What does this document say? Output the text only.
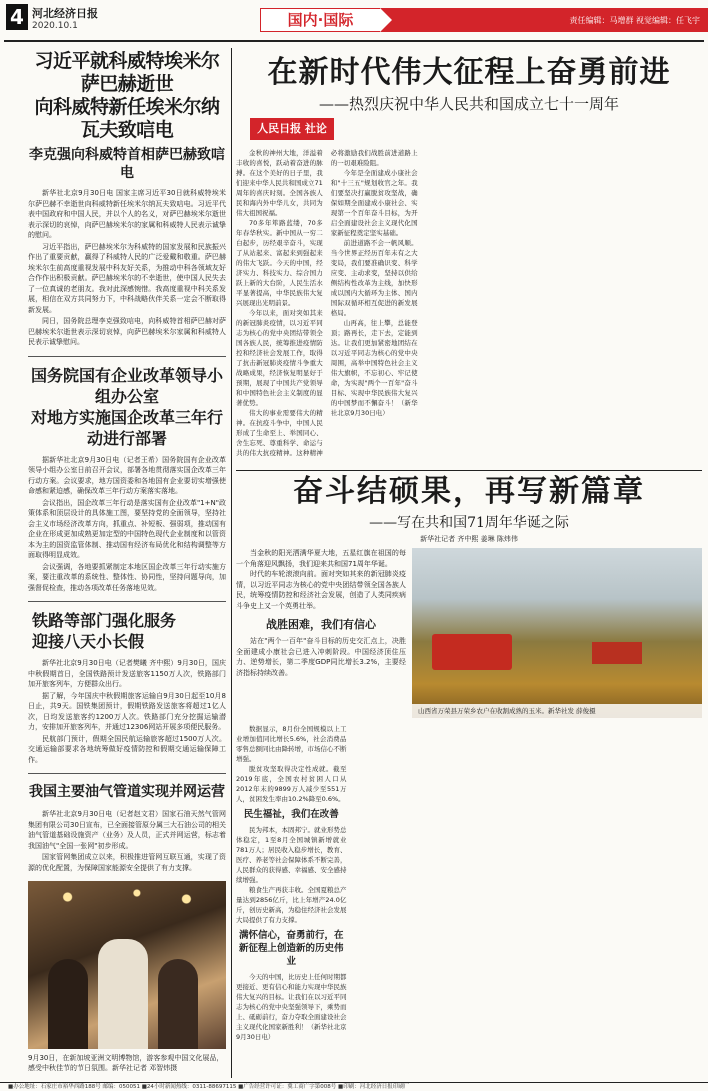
4 河北经济日报
2020.10.1	国内·国际	责任编辑：马增群 视觉编辑：任飞宇
习近平就科威特埃米尔萨巴赫逝世
向科威特新任埃米尔纳瓦夫致唁电
李克强向科威特首相萨巴赫致唁电

新华社北京9月30日电 国家主席习近平30日就科威特埃米尔萨巴赫不幸逝世向科威特新任埃米尔纳瓦夫致唁电。习近平代表中国政府和中国人民，并以个人的名义，对萨巴赫埃米尔逝世表示深切的哀悼，向萨巴赫埃米尔的家属和科威特人民表示诚挚的慰问。

习近平指出，萨巴赫埃米尔为科威特的国家发展和民族振兴作出了重要贡献，赢得了科威特人民的广泛爱戴和敬重。萨巴赫埃米尔生前高度重视发展中科友好关系，为推动中科各领域友好合作作出积极贡献。萨巴赫埃米尔的不幸逝世，使中国人民失去了一位真诚的老朋友。我对此深感惋惜。我高度重视中科关系发展，相信在双方共同努力下，中科战略伙伴关系一定会不断取得新发展。

同日，国务院总理李克强致唁电，向科威特首相萨巴赫对萨巴赫埃米尔逝世表示深切哀悼，向萨巴赫埃米尔家属和科威特人民表示诚挚慰问。

国务院国有企业改革领导小组办公室
对地方实施国企改革三年行动进行部署

据新华社北京9月30日电（记者王希）国务院国有企业改革领导小组办公室日前召开会议，部署各地贯彻落实国企改革三年行动方案。会议要求，地方国资委和各地国有企业要切实增强使命感和紧迫感，确保改革三年行动方案落实落地。

会议指出，国企改革三年行动是落实国有企业改革"1+N"政策体系和顶层设计的具体施工图，要坚持党的全面领导，坚持社会主义市场经济改革方向，抓重点、补短板、强弱项，推动国有企业在形成更加成熟更加定型的中国特色现代企业制度和以管资本为主的国资监管体制、推动国有经济布局优化和结构调整等方面取得明显成效。

会议强调，各地要抓紧制定本地区国企改革三年行动实施方案，要注重改革的系统性、整体性、协同性，坚持问题导向，加强督促检查，推动各项改革任务落地见效。

铁路等部门强化服务
迎接八天小长假

新华社北京9月30日电（记者樊曦 齐中熙）9月30日，国庆中秋假期首日，全国铁路预计发送旅客1150万人次，铁路部门加开旅客列车，方便群众出行。

据了解，今年国庆中秋假期旅客运输自9月30日起至10月8日止，共9天。国铁集团预计，假期铁路发送旅客将超过1亿人次，日均发送旅客约1200万人次。铁路部门充分挖掘运输潜力，安排加开旅客列车，并通过12306网站开展多项便民服务。

民航部门预计，假期全国民航运输旅客超过1500万人次。交通运输部要求各地统筹做好疫情防控和假期交通运输保障工作。

我国主要油气管道实现并网运营

新华社北京9月30日电（记者赵文君）国家石油天然气管网集团有限公司30日宣布，已全面接管原分属三大石油公司的相关油气管道基础设施资产（业务）及人员，正式并网运营，标志着我国油气"全国一张网"初步形成。

国家管网集团成立以来，积极推进管网互联互通，实现了资源的优化配置，为保障国家能源安全提供了有力支撑。

9月30日，在新加坡亚洲文明博物馆，游客参观中国文化展品，感受中秋佳节的节日氛围。新华社记者 邓智炜摄
在新时代伟大征程上奋勇前进
——热烈庆祝中华人民共和国成立七十一周年
人民日报 社论

金秋的神州大地，洋溢着丰收的喜悦，跃动着奋进的脉搏。在这个美好的日子里，我们迎来中华人民共和国成立71周年的喜庆时刻。全国各族人民和海内外中华儿女，共同为伟大祖国祝福。

70多年筚路蓝缕，70多年春华秋实。新中国从一穷二白起步，历经艰辛奋斗，实现了从站起来、富起来到强起来的伟大飞跃。今天的中国，经济实力、科技实力、综合国力跃上新的大台阶，人民生活水平显著提高，中华民族伟大复兴展现出光明前景。

今年以来，面对突如其来的新冠肺炎疫情，以习近平同志为核心的党中央团结带领全国各族人民，统筹推进疫情防控和经济社会发展工作，取得了抗击新冠肺炎疫情斗争重大战略成果，经济恢复明显好于预期，展现了中国共产党领导和中国特色社会主义制度的显著优势。

伟大的事业需要伟大的精神。在抗疫斗争中，中国人民形成了生命至上、举国同心、舍生忘死、尊重科学、命运与共的伟大抗疫精神。这种精神必将激励我们战胜前进道路上的一切艰难险阻。

今年是全面建成小康社会和"十三五"规划收官之年。我们要坚决打赢脱贫攻坚战，确保如期全面建成小康社会、实现第一个百年奋斗目标，为开启全面建设社会主义现代化国家新征程奠定坚实基础。

前进道路不会一帆风顺。当今世界正经历百年未有之大变局，我们要准确识变、科学应变、主动求变，坚持以供给侧结构性改革为主线，加快形成以国内大循环为主体、国内国际双循环相互促进的新发展格局。

山再高，往上攀，总能登顶；路再长，走下去，定能到达。让我们更加紧密地团结在以习近平同志为核心的党中央周围，高举中国特色社会主义伟大旗帜，不忘初心、牢记使命，为实现"两个一百年"奋斗目标、实现中华民族伟大复兴的中国梦而不懈奋斗！（新华社北京9月30日电）

奋斗结硕果，再写新篇章
——写在共和国71周年华诞之际
新华社记者 齐中熙 姜琳 陈炜伟

当金秋的阳光洒满华夏大地，五星红旗在祖国的每一个角落迎风飘扬，我们迎来共和国71周年华诞。

时代的车轮滚滚向前。面对突如其来的新冠肺炎疫情，以习近平同志为核心的党中央团结带领全国各族人民，统筹疫情防控和经济社会发展，创造了人类同疾病斗争史上又一个英勇壮举。

战胜困难，我们有信心

站在"两个一百年"奋斗目标的历史交汇点上，决胜全面建成小康社会已进入冲刺阶段。中国经济顶住压力、逆势增长，第二季度GDP同比增长3.2%，主要经济指标持续改善。

山西省万荣县万荣乡农户在收割成熟的玉米。新华社发 薛俊摄

数据显示，8月份全国规模以上工业增加值同比增长5.6%，社会消费品零售总额同比由降转增，市场信心不断增强。

脱贫攻坚取得决定性成就。截至2019年底，全国农村贫困人口从2012年末的9899万人减少至551万人，贫困发生率由10.2%降至0.6%。

民生福祉，我们在改善

民为邦本，本固邦宁。就业形势总体稳定，1至8月全国城镇新增就业781万人；居民收入稳步增长，教育、医疗、养老等社会保障体系不断完善，人民群众的获得感、幸福感、安全感持续增强。

粮食生产再获丰收。全国夏粮总产量达到2856亿斤，比上年增产24.0亿斤，创历史新高，为稳住经济社会发展大局提供了有力支撑。

满怀信心，奋勇前行，在新征程上创造新的历史伟业

今天的中国，比历史上任何时期都更接近、更有信心和能力实现中华民族伟大复兴的目标。让我们在以习近平同志为核心的党中央坚强领导下，乘势而上、砥砺前行，奋力夺取全面建设社会主义现代化国家新胜利！（新华社北京9月30日电）

■办公地址：石家庄市裕华西路188号 邮编：050051 ■24小时新闻热线：0311-88697115 ■广告经营许可证：冀工商广字第008号 ■印刷：河北经济日报印刷厂
